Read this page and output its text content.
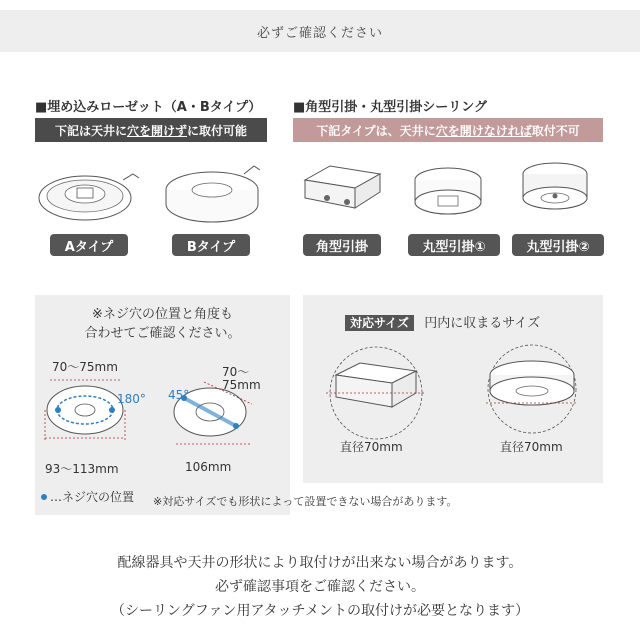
必ずご確認ください
■埋め込みローゼット（A・Bタイプ）
下記は天井に 穴を開けず に取付可能
Aタイプ	Bタイプ
■角型引掛・丸型引掛シーリング
下記タイプは、天井に 穴を開けなければ 取付不可
角型引掛	丸型引掛①	丸型引掛②
※ネジ穴の位置と角度も
合わせてご確認ください。
70～75mm
180°
93～113mm
45°
70～
75mm
106mm
…ネジ穴の位置
対応サイズ 円内に収まるサイズ
直径70mm	直径70mm
※対応サイズでも形状によって設置できない場合があります。
配線器具や天井の形状により取付けが出来ない場合があります。
必ず確認事項をご確認ください。
（シーリングファン用アタッチメントの取付けが必要となります）
